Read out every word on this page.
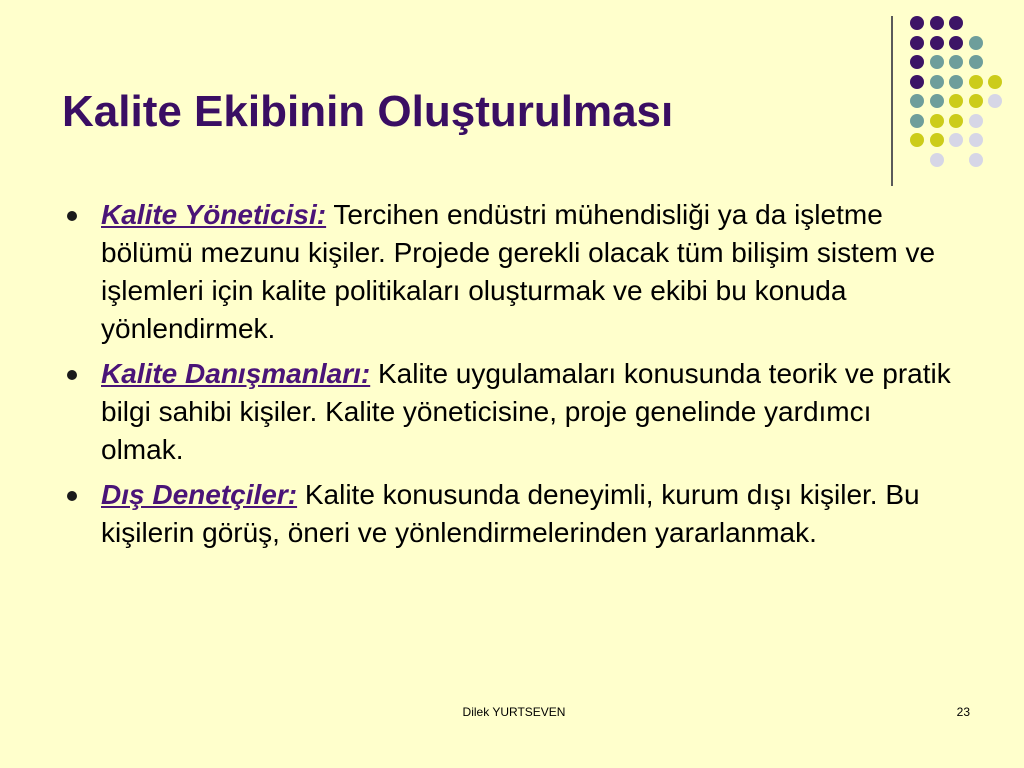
Kalite Ekibinin Oluşturulması
Kalite Yöneticisi: Tercihen endüstri mühendisliği ya da işletme bölümü mezunu kişiler. Projede gerekli olacak tüm bilişim sistem ve işlemleri için kalite politikaları oluşturmak ve ekibi bu konuda yönlendirmek.
Kalite Danışmanları: Kalite uygulamaları konusunda teorik ve pratik bilgi sahibi kişiler. Kalite yöneticisine, proje genelinde yardımcı olmak.
Dış Denetçiler: Kalite konusunda deneyimli, kurum dışı kişiler. Bu kişilerin görüş, öneri ve yönlendirmelerinden yararlanmak.
Dilek YURTSEVEN	23
